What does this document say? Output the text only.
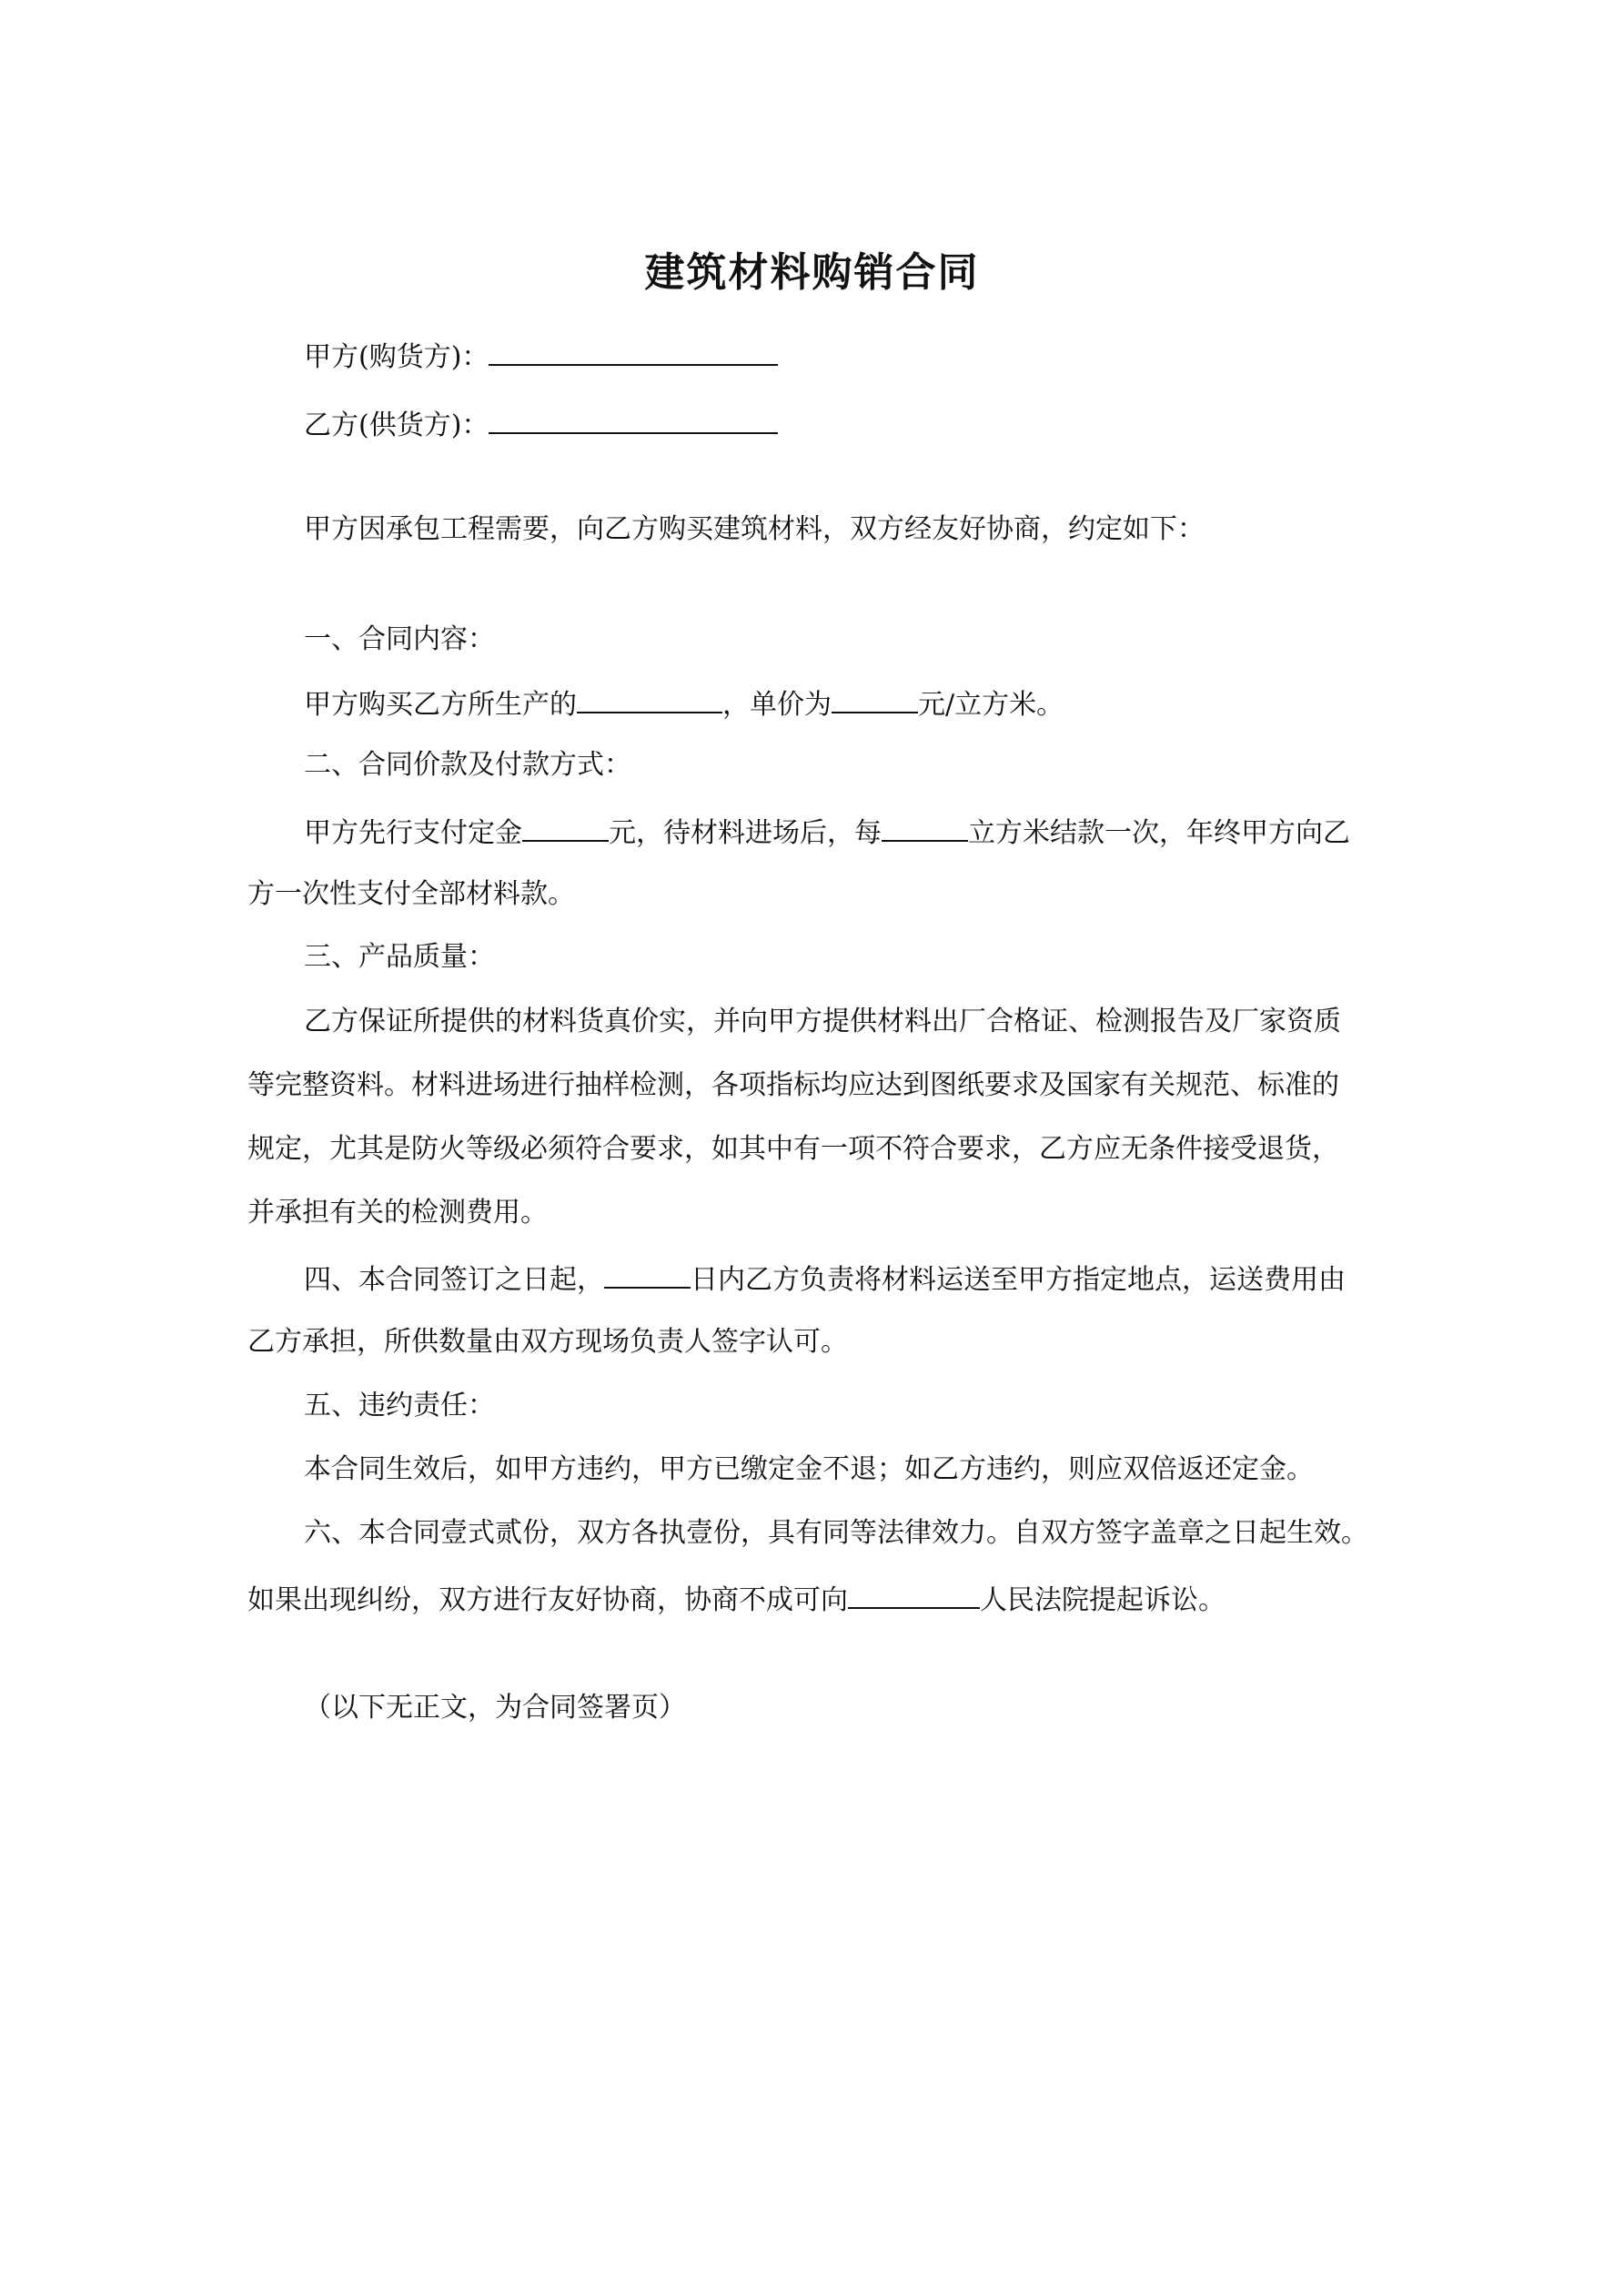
建筑材料购销合同
甲方(购货方)：
乙方(供货方)：
甲方因承包工程需要，向乙方购买建筑材料，双方经友好协商，约定如下：
一、合同内容：
甲方购买乙方所生产的	，单价为	元/立方米。
二、合同价款及付款方式：
甲方先行支付定金	元，待材料进场后，每	立方米结款一次，年终甲方向乙
方一次性支付全部材料款。
三、产品质量：
乙方保证所提供的材料货真价实，并向甲方提供材料出厂合格证、检测报告及厂家资质
等完整资料。材料进场进行抽样检测，各项指标均应达到图纸要求及国家有关规范、标准的
规定，尤其是防火等级必须符合要求，如其中有一项不符合要求，乙方应无条件接受退货，
并承担有关的检测费用。
四、本合同签订之日起，	日内乙方负责将材料运送至甲方指定地点，运送费用由
乙方承担，所供数量由双方现场负责人签字认可。
五、违约责任：
本合同生效后，如甲方违约，甲方已缴定金不退；如乙方违约，则应双倍返还定金。
六、本合同壹式贰份，双方各执壹份，具有同等法律效力。自双方签字盖章之日起生效。
如果出现纠纷，双方进行友好协商，协商不成可向	人民法院提起诉讼。
（以下无正文，为合同签署页）
